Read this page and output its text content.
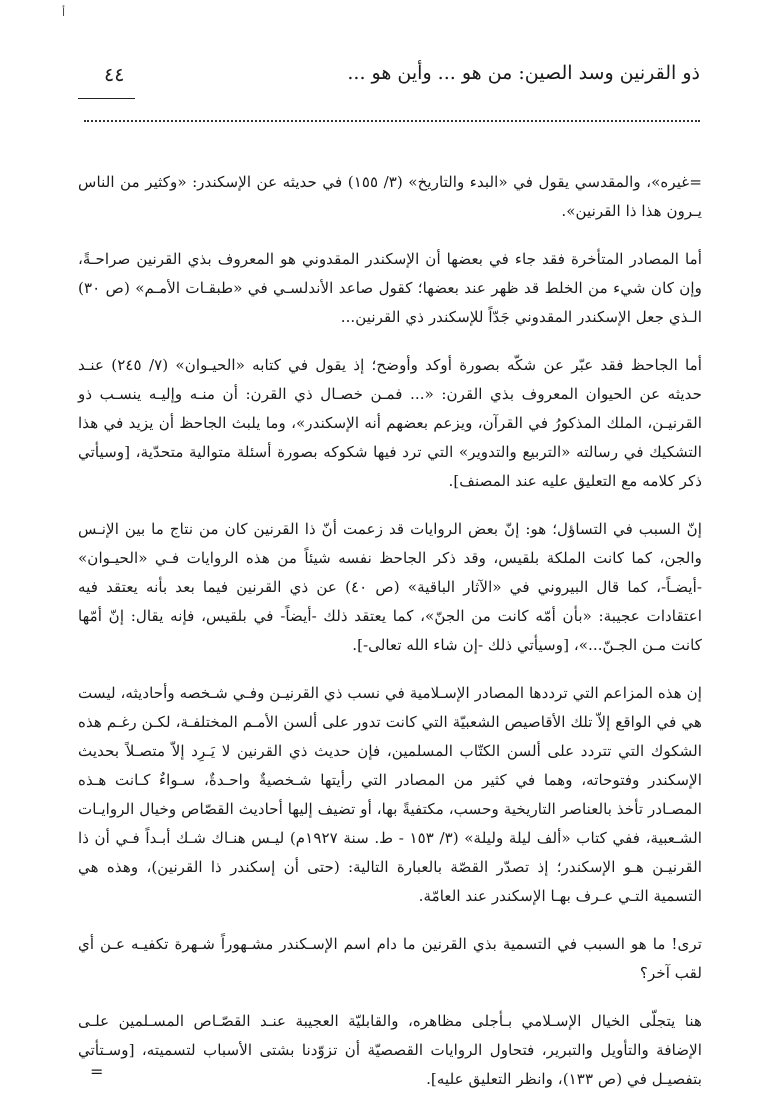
أ
ذو القرنين وسد الصين: من هو ... وأين هو ...
٤٤

=غيره»، والمقدسي يقول في «البدء والتاريخ» (٣/ ١٥٥) في حديثه عن الإسكندر: «وكثير من الناس يـرون هذا ذا القرنين».

أما المصادر المتأخرة فقد جاء في بعضها أن الإسكندر المقدوني هو المعروف بذي القرنين صراحـةً، وإن كان شيء من الخلط قد ظهر عند بعضها؛ كقول صاعد الأندلسـي في «طبقـات الأمـم» (ص ٣٠) الـذي جعل الإسكندر المقدوني جَدّاً للإسكندر ذي القرنين...

أما الجاحظ فقد عبّر عن شكّه بصورة أوكد وأوضح؛ إذ يقول في كتابه «الحيـوان» (٧/ ٢٤٥) عنـد حديثه عن الحيوان المعروف بذي القرن: «... فمـن خصـال ذي القرن: أن منـه وإليـه ينسـب ذو القرنيـن، الملك المذكورُ في القرآن، ويزعم بعضهم أنه الإسكندر»، وما يلبث الجاحظ أن يزيد في هذا التشكيك في رسالته «التربيع والتدوير» التي ترد فيها شكوكه بصورة أسئلة متوالية متحدّية، [وسيأتي ذكر كلامه مع التعليق عليه عند المصنف].

إنّ السبب في التساؤل؛ هو: إنّ بعض الروايات قد زعمت أنّ ذا القرنين كان من نتاج ما بين الإنـس والجن، كما كانت الملكة بلقيس، وقد ذكر الجاحظ نفسه شيئاً من هذه الروايات فـي «الحيـوان» -أيضـاً-، كما قال البيروني في «الآثار الباقية» (ص ٤٠) عن ذي القرنين فيما بعد بأنه يعتقد فيه اعتقادات عجيبة: «بأن أمّه كانت من الجنّ»، كما يعتقد ذلك -أيضاً- في بلقيس، فإنه يقال: إنّ أمّها كانت مـن الجـنّ...»، [وسيأتي ذلك -إن شاء الله تعالى-].

إن هذه المزاعم التي ترددها المصادر الإسـلامية في نسب ذي القرنيـن وفـي شـخصه وأحاديثه، ليست هي في الواقع إلاّ تلك الأقاصيص الشعبيّة التي كانت تدور على ألسن الأمـم المختلفـة، لكـن رغـم هذه الشكوك التي تتردد على ألسن الكتّاب المسلمين، فإن حديث ذي القرنين لا يَـرِد إلاّ متصـلاً بحديث الإسكندر وفتوحاته، وهما في كثير من المصادر التي رأيتها شـخصيةٌ واحـدةٌ، سـواءٌ كـانت هـذه المصـادر تأخذ بالعناصر التاريخية وحسب، مكتفيةً بها، أو تضيف إليها أحاديث القصّاص وخيال الروايـات الشـعبية، ففي كتاب «ألف ليلة وليلة» (٣/ ١٥٣ - ط. سنة ١٩٢٧م) ليـس هنـاك شـك أبـداً فـي أن ذا القرنيـن هـو الإسكندر؛ إذ تصدّر القصّة بالعبارة التالية: (حتى أن إسكندر ذا القرنين)، وهذه هي التسمية التـي عـرف بهـا الإسكندر عند العامّة.

ترى! ما هو السبب في التسمية بذي القرنين ما دام اسم الإسـكندر مشـهوراً شـهرة تكفيـه عـن أي لقب آخر؟

هنا يتجلّى الخيال الإسـلامي بـأجلى مظاهره، والقابليّة العجيبة عنـد القصّـاص المسـلمين علـى الإضافة والتأويل والتبرير، فتحاول الروايات القصصيّة أن تزوّدنا بشتى الأسباب لتسميته، [وسـتأتي بتفصيـل في (ص ١٣٣)، وانظر التعليق عليه].

=
